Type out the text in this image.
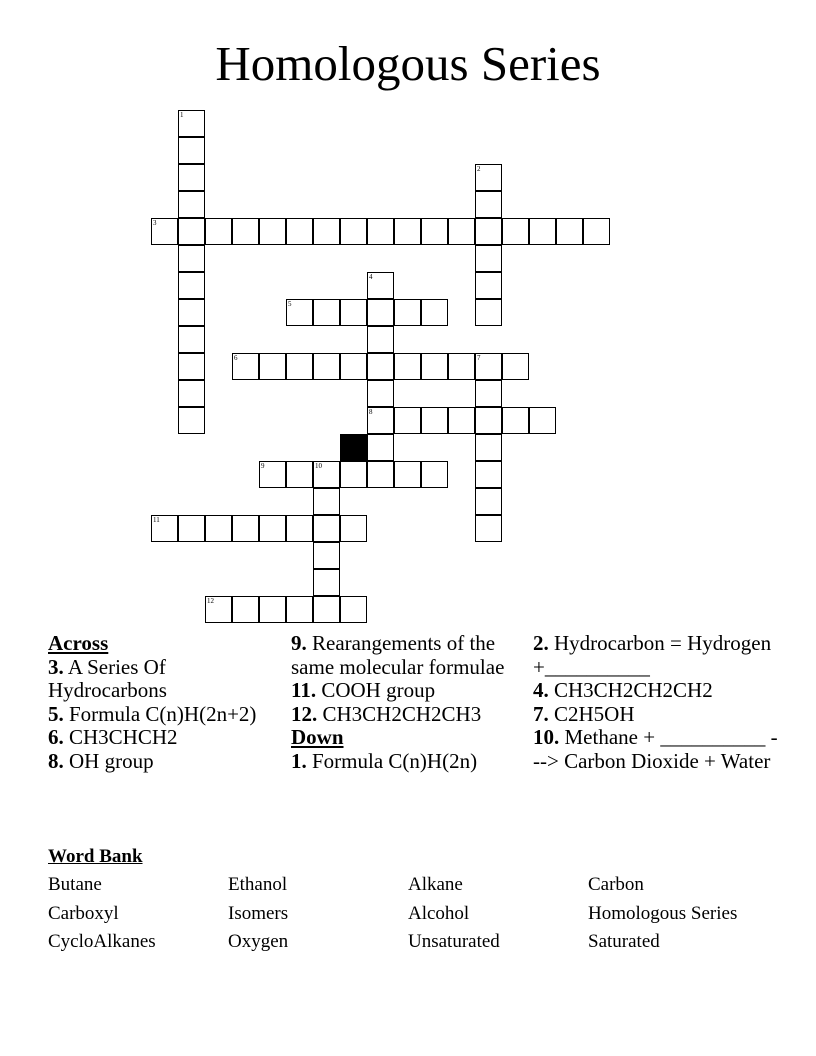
Homologous Series
1
2
3
4
8
5
6	7
9	10
11
12
Across
3. A Series Of Hydrocarbons
5. Formula C(n)H(2n+2)
6. CH3CHCH2
8. OH group
9. Rearangements of the same molecular formulae
11. COOH group
12. CH3CH2CH2CH3
Down
1. Formula C(n)H(2n)
2. Hydrocarbon = Hydrogen +__________
4. CH3CH2CH2CH2
7. C2H5OH
10. Methane + __________ ---> Carbon Dioxide + Water
Word Bank
Butane	Ethanol	Alkane	Carbon
Carboxyl	Isomers	Alcohol	Homologous Series
CycloAlkanes	Oxygen	Unsaturated	Saturated
